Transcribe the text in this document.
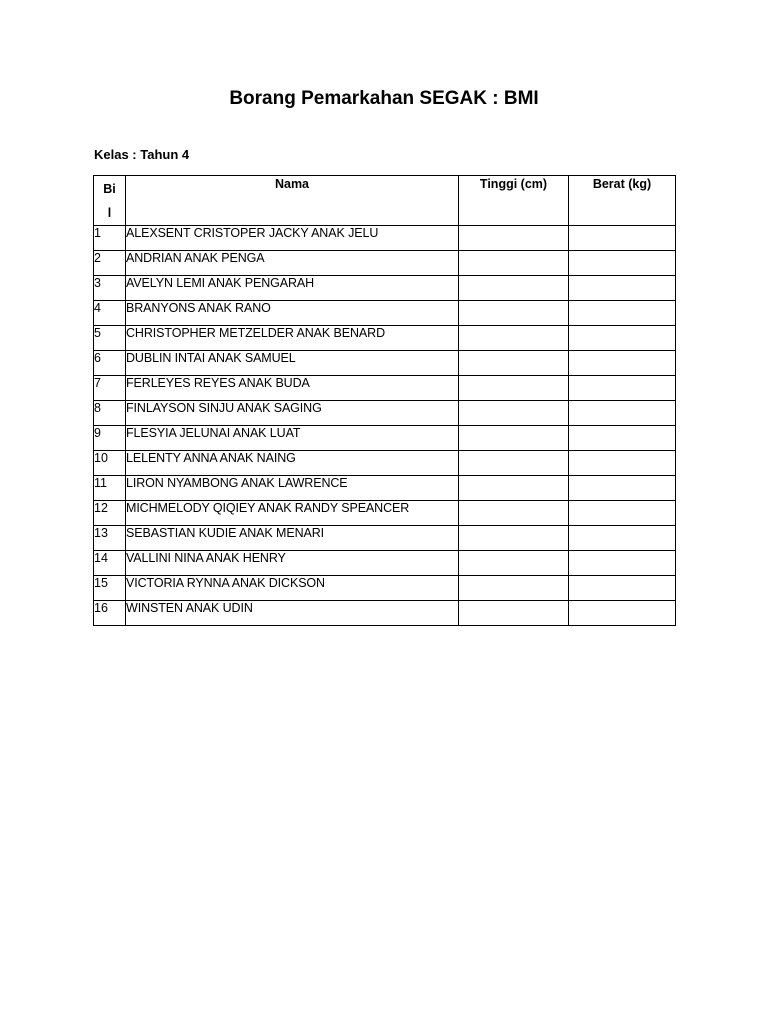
Borang Pemarkahan SEGAK : BMI
Kelas : Tahun 4
Bi
l	Nama	Tinggi (cm)	Berat (kg)
1	ALEXSENT CRISTOPER JACKY ANAK JELU		
2	ANDRIAN ANAK PENGA		
3	AVELYN LEMI ANAK PENGARAH		
4	BRANYONS ANAK RANO		
5	CHRISTOPHER METZELDER ANAK BENARD		
6	DUBLIN INTAI ANAK SAMUEL		
7	FERLEYES REYES ANAK BUDA		
8	FINLAYSON SINJU ANAK SAGING		
9	FLESYIA JELUNAI ANAK LUAT		
10	LELENTY ANNA ANAK NAING		
11	LIRON NYAMBONG ANAK LAWRENCE		
12	MICHMELODY QIQIEY ANAK RANDY SPEANCER		
13	SEBASTIAN KUDIE ANAK MENARI		
14	VALLINI NINA ANAK HENRY		
15	VICTORIA RYNNA ANAK DICKSON		
16	WINSTEN ANAK UDIN		
